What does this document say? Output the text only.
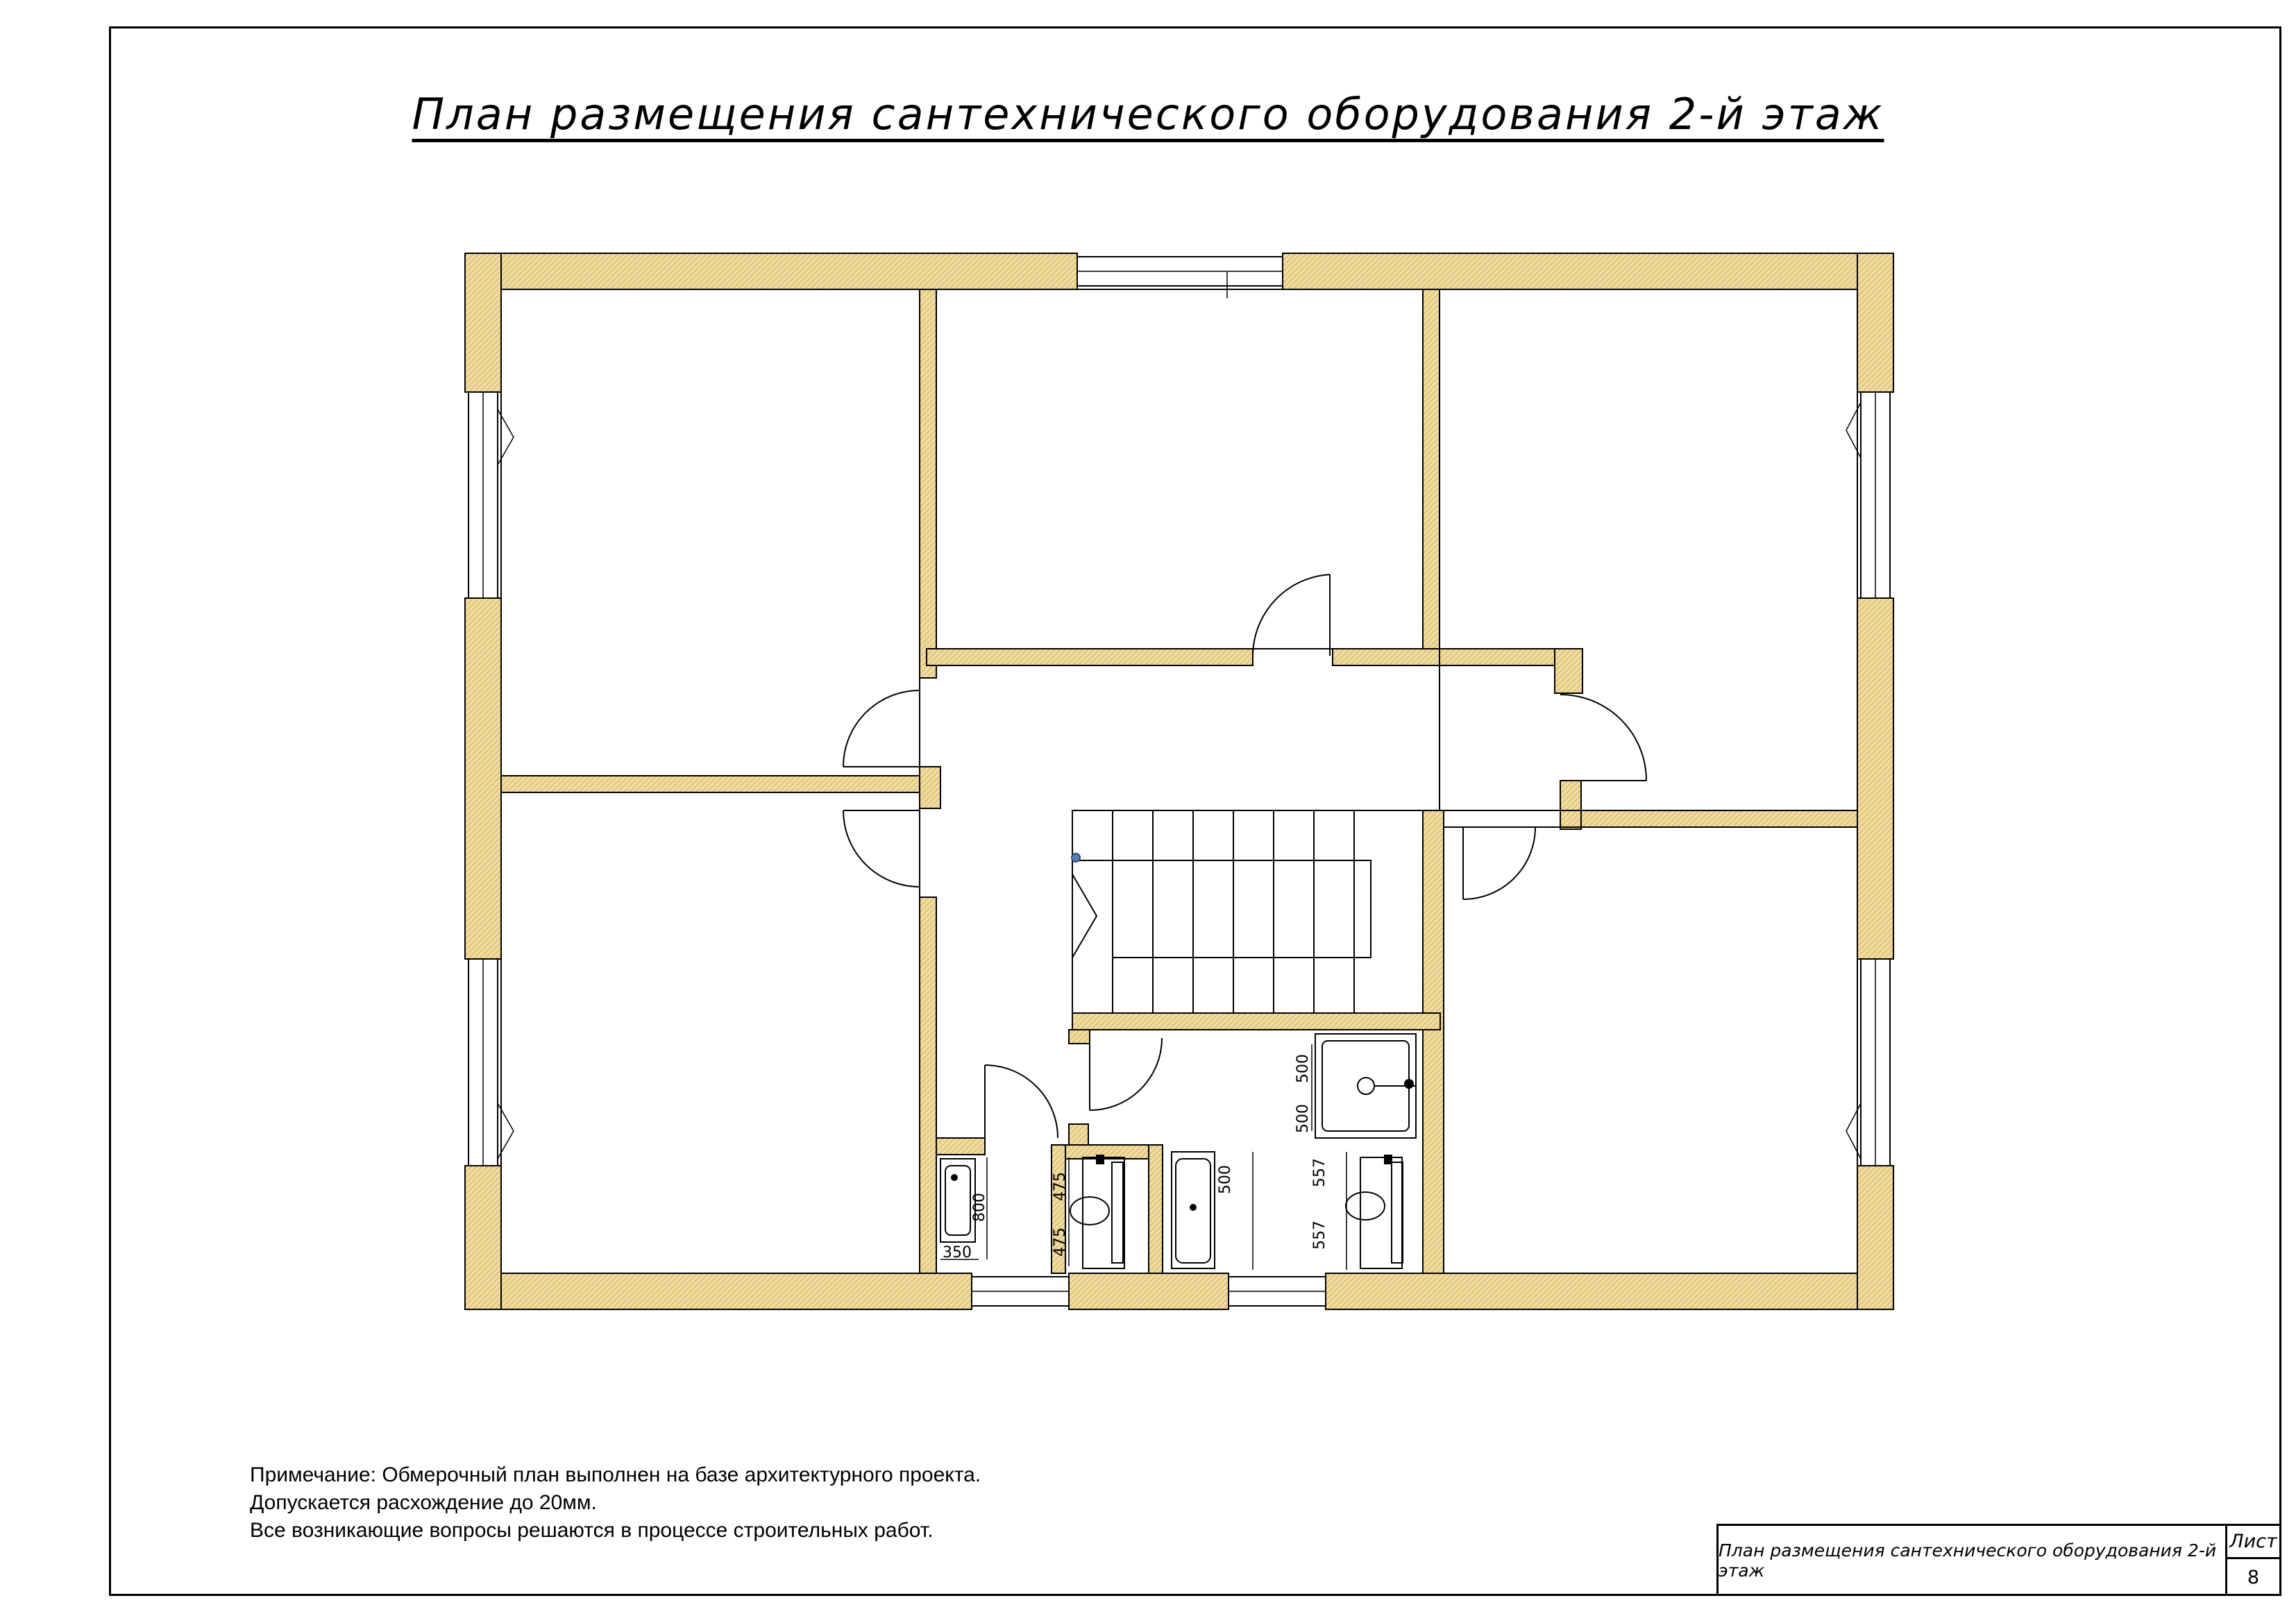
План размещения сантехническогo оборудования 2-й этаж
800
350
475
475
500
500
500
557
557
Примечание: Обмерочный план выполнен на базе архитектурного проекта.
Допускается расхождение до 20мм.
Все возникающие вопросы решаются в процессе строительных работ.
План размещения сантехническогo оборудования 2-й этаж
Лист
8
